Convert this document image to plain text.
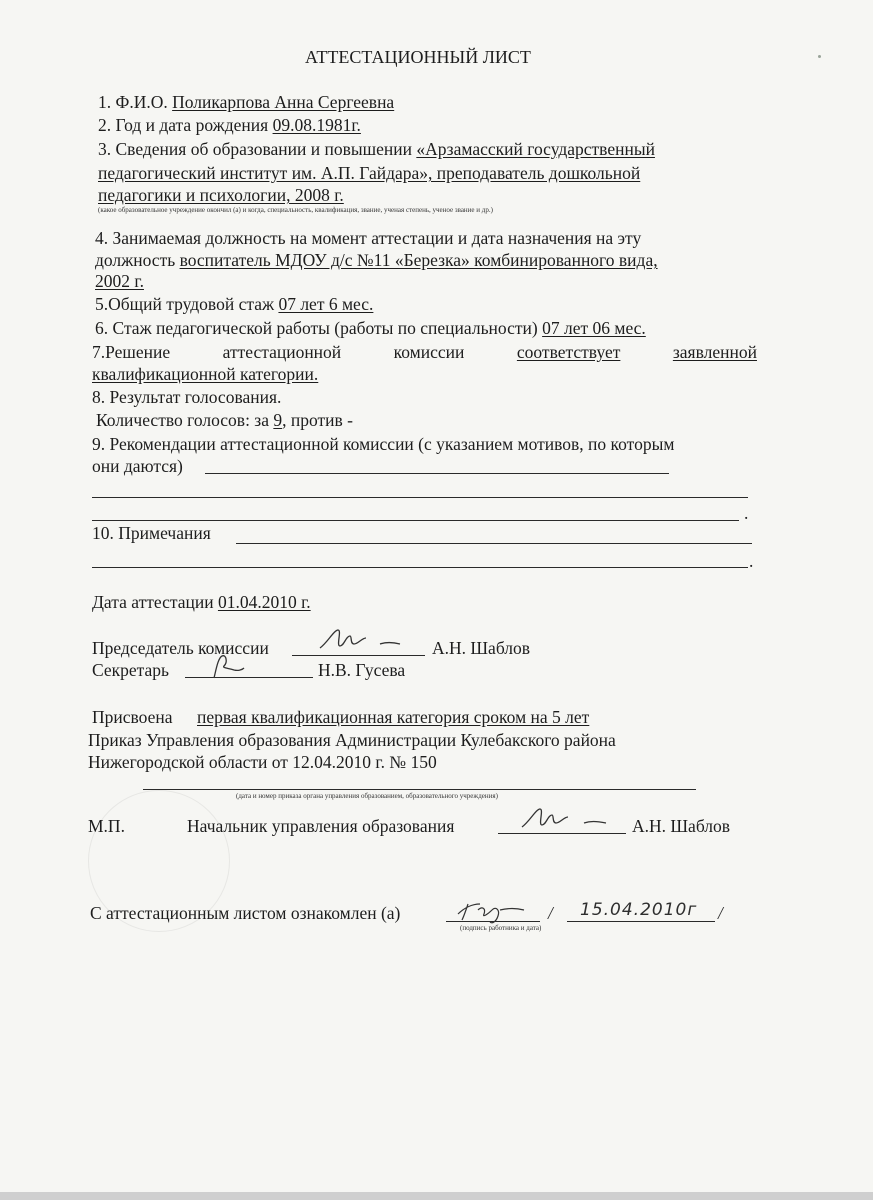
АТТЕСТАЦИОННЫЙ ЛИСТ
1. Ф.И.О. Поликарпова Анна Сергеевна
2. Год и дата рождения 09.08.1981г.
3. Сведения об образовании и повышении «Арзамасский государственный
педагогический институт им. А.П. Гайдара», преподаватель дошкольной
педагогики и психологии, 2008 г.
(какое образовательное учреждение окончил (а) и когда, специальность, квалификация, звание, ученая степень, ученое звание и др.)
4. Занимаемая должность на момент аттестации и дата назначения на эту
должность воспитатель МДОУ д/с №11 «Березка» комбинированного вида,
2002 г.
5.Общий трудовой стаж 07 лет 6 мес.
6. Стаж педагогической работы (работы по специальности) 07 лет 06 мес.
7.Решение	аттестационной	комиссии	соответствует	заявленной
квалификационной категории.
8. Результат голосования.
Количество голосов: за 9, против -
9. Рекомендации аттестационной комиссии (с указанием мотивов, по которым
они даются)
.
10. Примечания
.
Дата аттестации 01.04.2010 г.
Председатель комиссии	А.Н. Шаблов
Секретарь	Н.В. Гусева
Присвоена первая квалификационная категория сроком на 5 лет
Приказ Управления образования Администрации Кулебакского района
Нижегородской области от 12.04.2010 г. № 150
(дата и номер приказа органа управления образованием, образовательного учреждения)
М.П.	Начальник управления образования	А.Н. Шаблов
С аттестационным листом ознакомлен (а)	/ 15.04.2010г /
(подпись работника и дата)
